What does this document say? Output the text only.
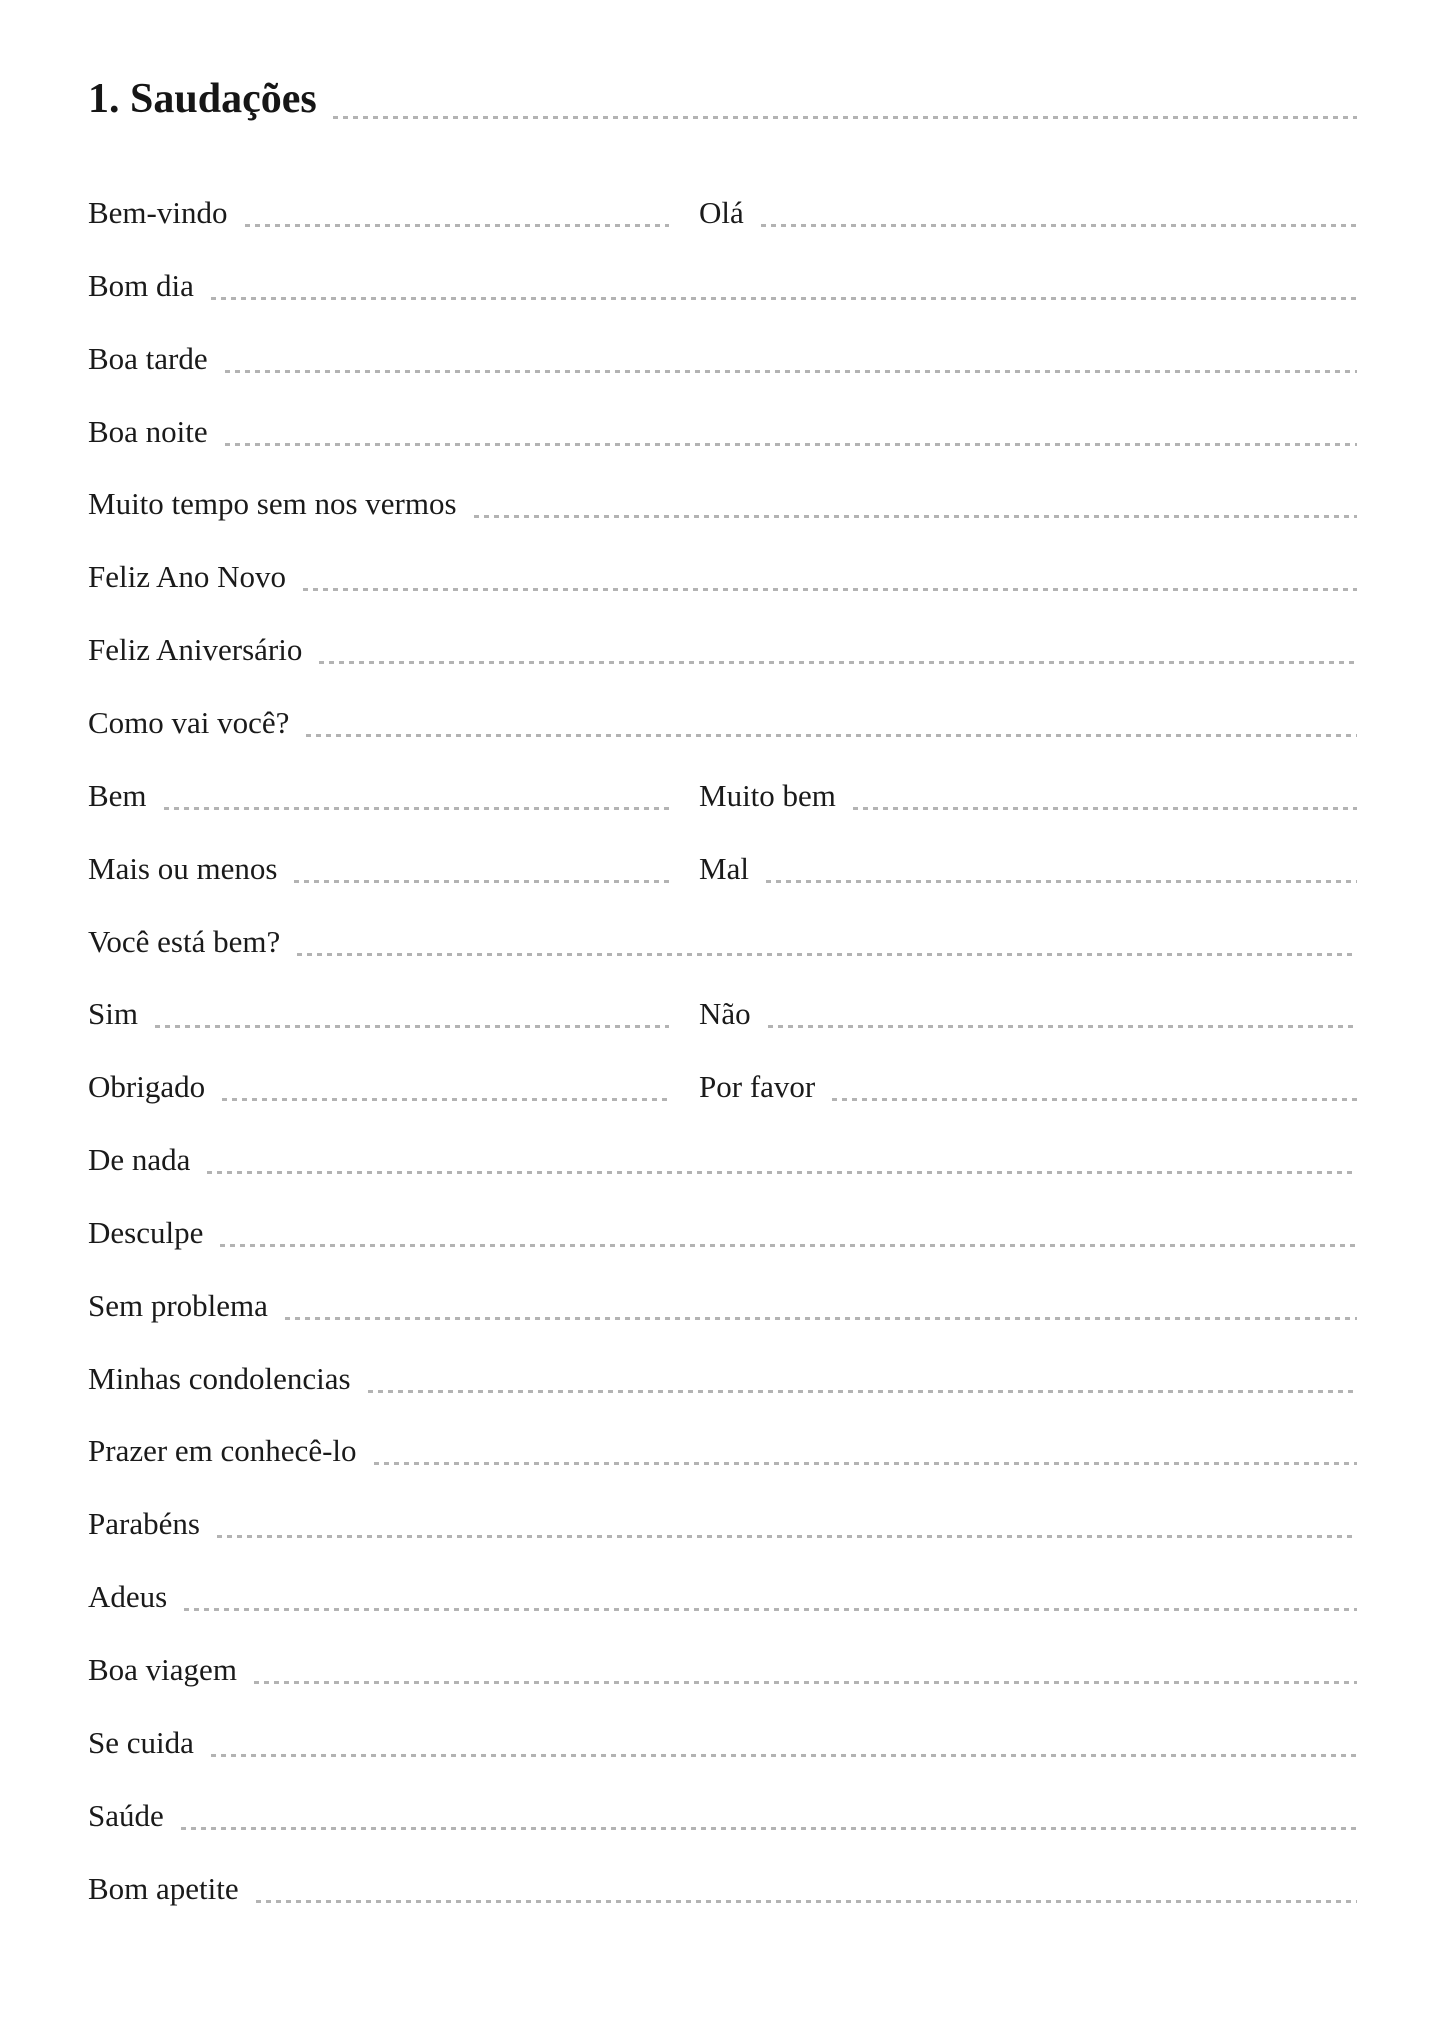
1. Saudações
Bem-vindo	Olá
Bom dia
Boa tarde
Boa noite
Muito tempo sem nos vermos
Feliz Ano Novo
Feliz Aniversário
Como vai você?
Bem	Muito bem
Mais ou menos	Mal
Você está bem?
Sim	Não
Obrigado	Por favor
De nada
Desculpe
Sem problema
Minhas condolencias
Prazer em conhecê-lo
Parabéns
Adeus
Boa viagem
Se cuida
Saúde
Bom apetite
